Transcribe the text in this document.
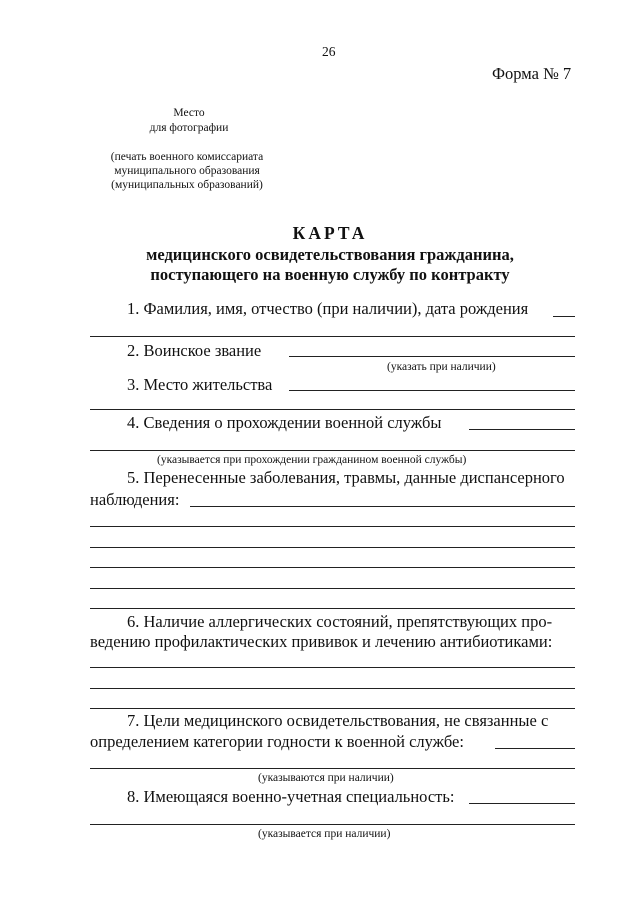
26
Форма № 7
Место
для фотографии
(печать военного комиссариата
муниципального образования
(муниципальных образований)
КАРТА
медицинского освидетельствования гражданина,
поступающего на военную службу по контракту
1. Фамилия, имя, отчество (при наличии), дата рождения
2. Воинское звание
(указать при наличии)
3. Место жительства
4. Сведения о прохождении военной службы
(указывается при прохождении гражданином военной службы)
5. Перенесенные заболевания, травмы, данные диспансерного
наблюдения:
6. Наличие аллергических состояний, препятствующих про-
ведению профилактических прививок и лечению антибиотиками:
7. Цели медицинского освидетельствования, не связанные с
определением категории годности к военной службе:
(указываются при наличии)
8. Имеющаяся военно-учетная специальность:
(указывается при наличии)
